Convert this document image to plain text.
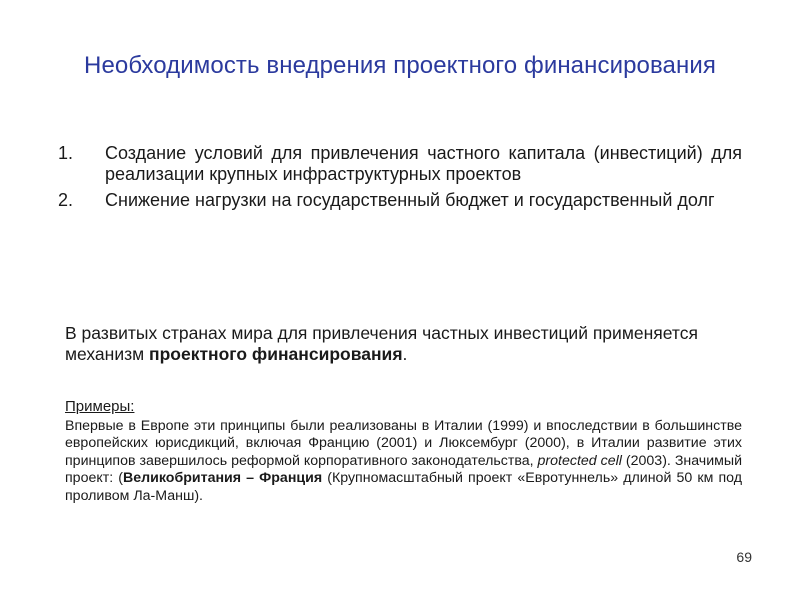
Необходимость внедрения проектного финансирования
1. Создание условий для привлечения частного капитала (инвестиций) для реализации крупных инфраструктурных проектов
2. Снижение нагрузки на государственный бюджет и государственный долг
В развитых странах мира для привлечения частных инвестиций применяется механизм проектного финансирования.
Примеры:
Впервые в Европе эти принципы были реализованы в Италии (1999) и впоследствии в большинстве европейских юрисдикций, включая Францию (2001) и Люксембург (2000), в Италии развитие этих принципов завершилось реформой корпоративного законодательства, protected cell (2003). Значимый проект: (Великобритания – Франция (Крупномасштабный проект «Евротуннель» длиной 50 км под проливом Ла-Манш).
69
